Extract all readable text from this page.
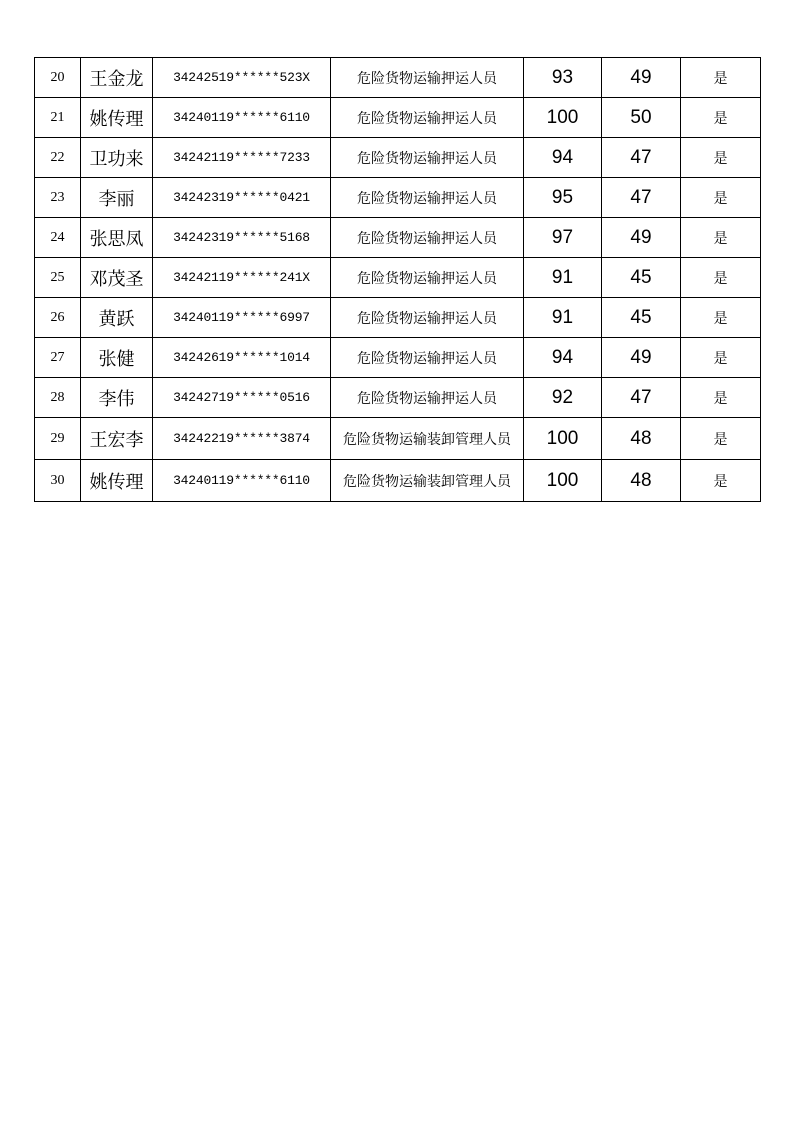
20	王金龙	34242519******523X	危险货物运输押运人员	93	49	是
21	姚传理	34240119******6110	危险货物运输押运人员	100	50	是
22	卫功来	34242119******7233	危险货物运输押运人员	94	47	是
23	李丽	34242319******0421	危险货物运输押运人员	95	47	是
24	张思凤	34242319******5168	危险货物运输押运人员	97	49	是
25	邓茂圣	34242119******241X	危险货物运输押运人员	91	45	是
26	黄跃	34240119******6997	危险货物运输押运人员	91	45	是
27	张健	34242619******1014	危险货物运输押运人员	94	49	是
28	李伟	34242719******0516	危险货物运输押运人员	92	47	是
29	王宏李	34242219******3874	危险货物运输装卸管理人员	100	48	是
30	姚传理	34240119******6110	危险货物运输装卸管理人员	100	48	是
